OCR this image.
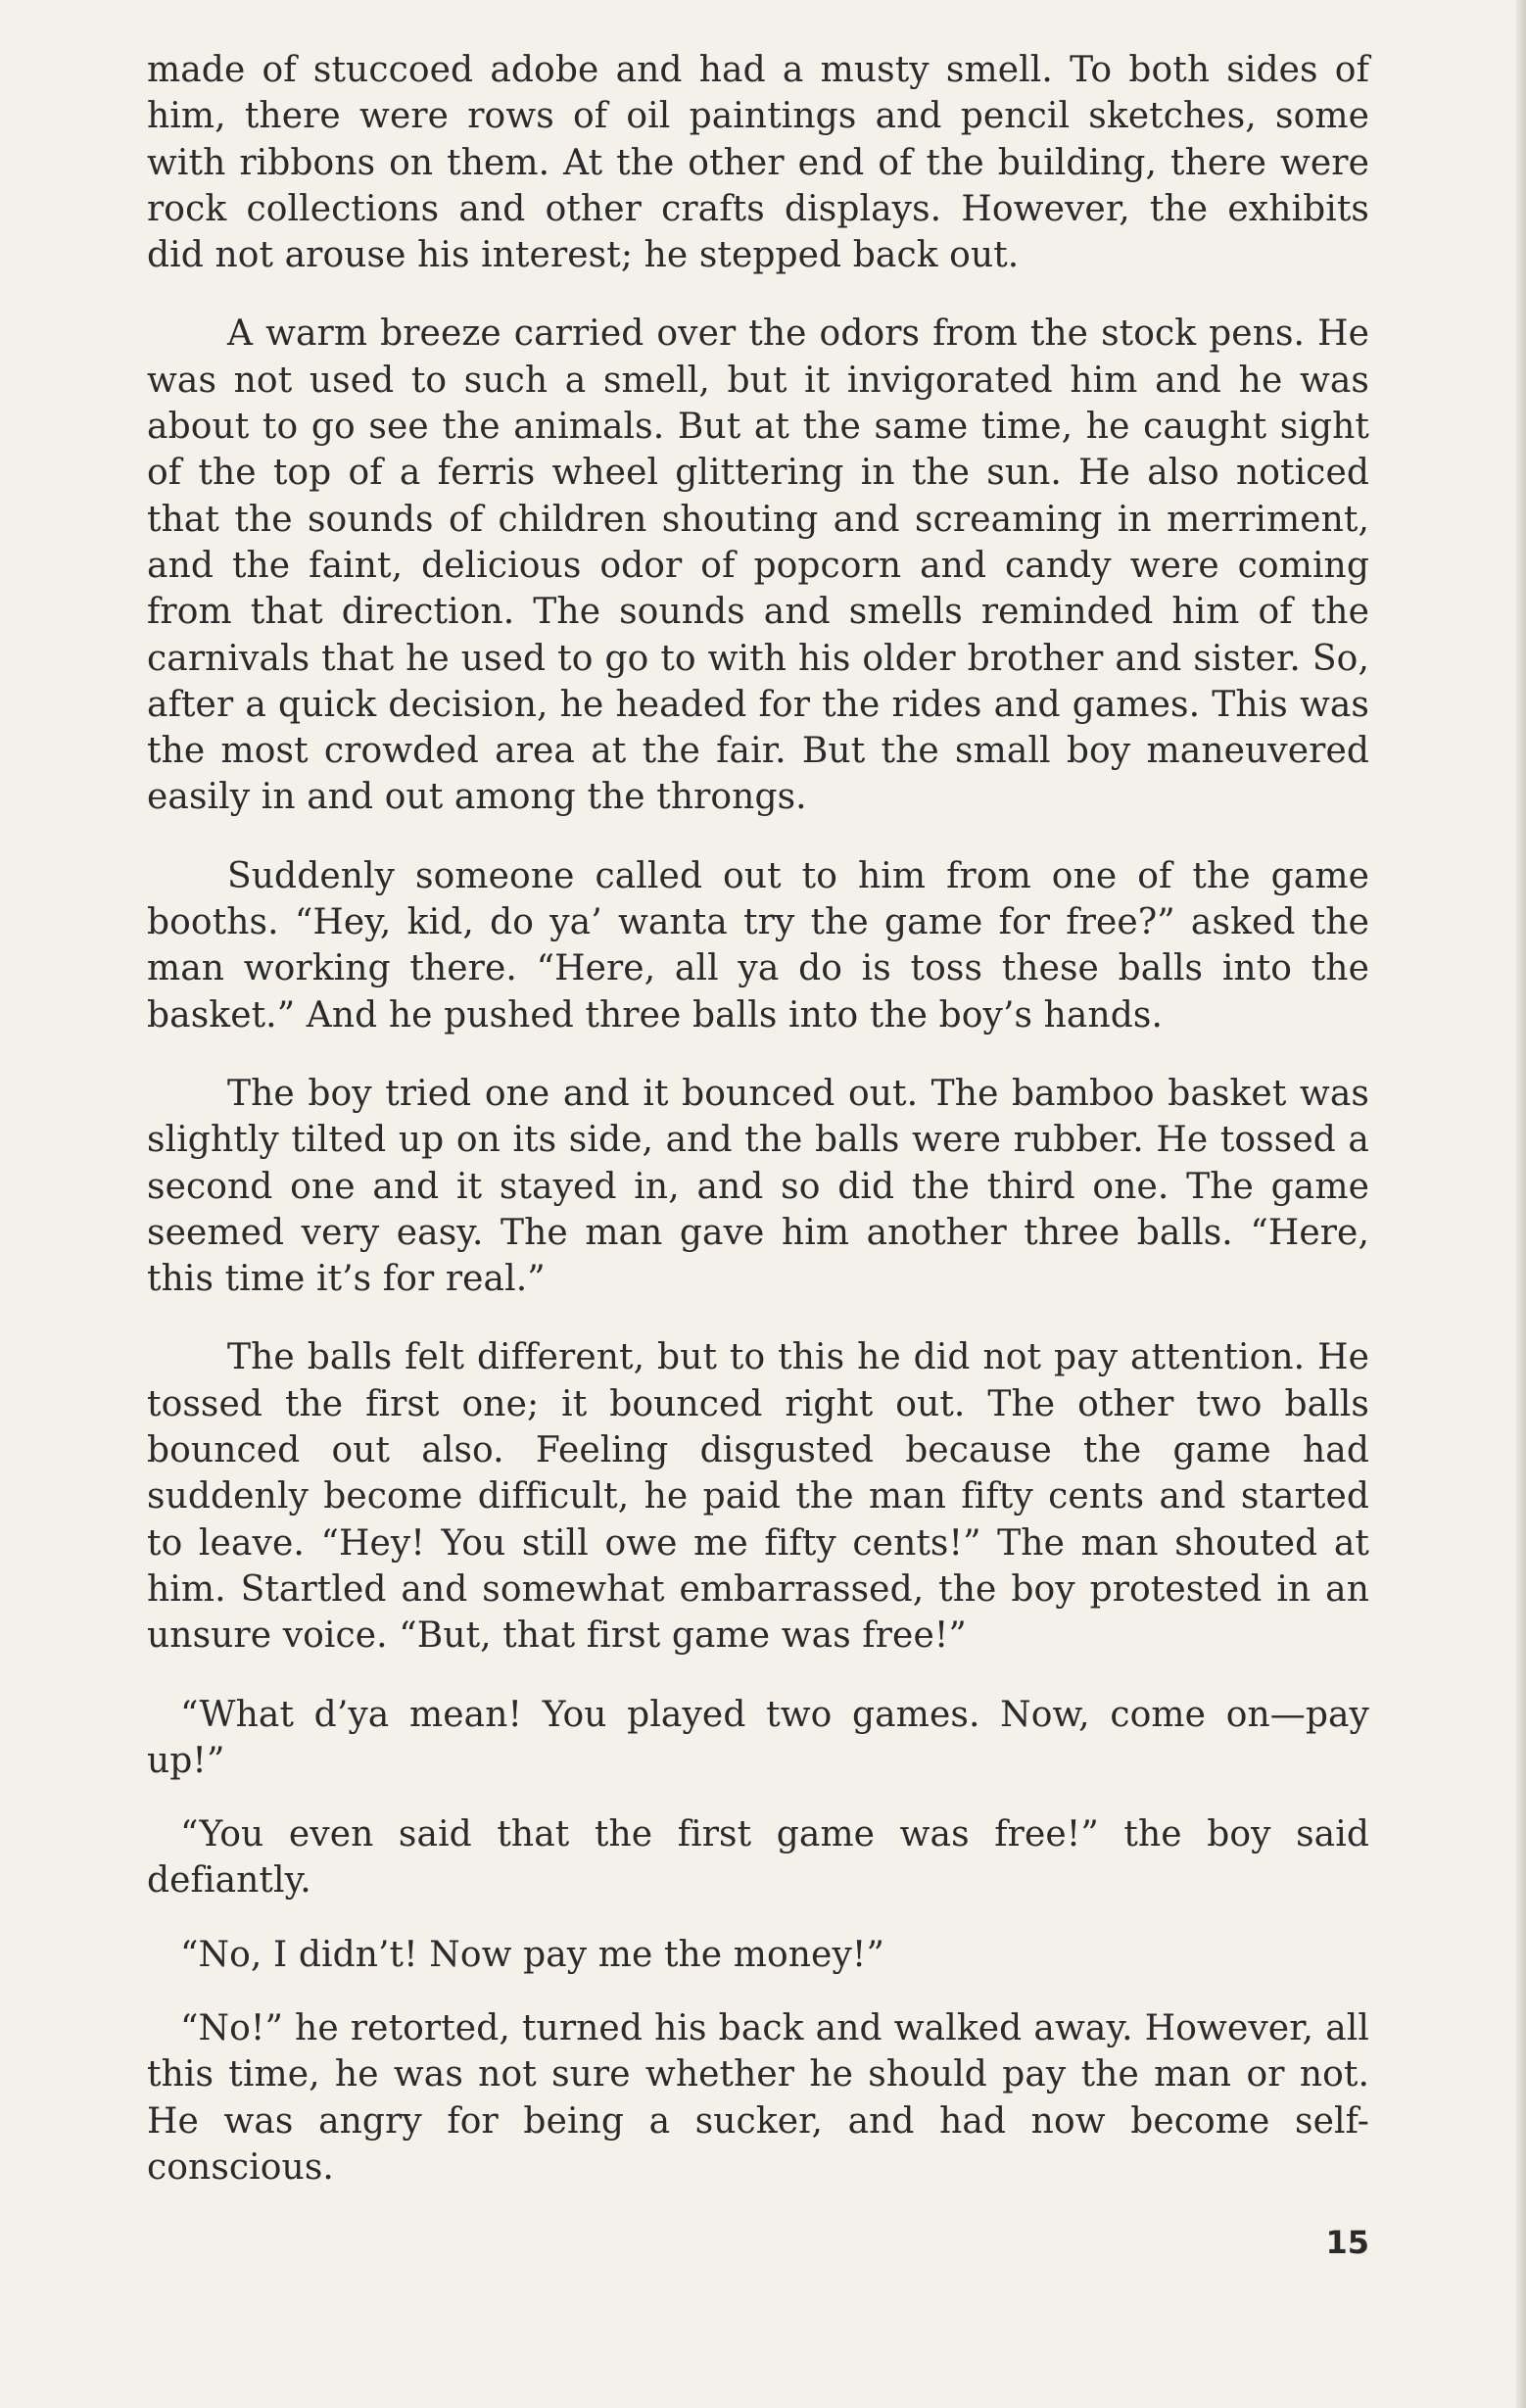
made of stuccoed adobe and had a musty smell. To both sides of him, there were rows of oil paintings and pencil sketches, some with ribbons on them. At the other end of the building, there were rock collections and other crafts displays. However, the exhibits did not arouse his interest; he stepped back out.

A warm breeze carried over the odors from the stock pens. He was not used to such a smell, but it invigorated him and he was about to go see the animals. But at the same time, he caught sight of the top of a ferris wheel glittering in the sun. He also noticed that the sounds of children shouting and screaming in merriment, and the faint, delicious odor of popcorn and candy were coming from that direction. The sounds and smells reminded him of the carnivals that he used to go to with his older brother and sister. So, after a quick decision, he headed for the rides and games. This was the most crowded area at the fair. But the small boy maneuvered easily in and out among the throngs.

Suddenly someone called out to him from one of the game booths. “Hey, kid, do ya’ wanta try the game for free?” asked the man working there. “Here, all ya do is toss these balls into the basket.” And he pushed three balls into the boy’s hands.

The boy tried one and it bounced out. The bamboo basket was slightly tilted up on its side, and the balls were rubber. He tossed a second one and it stayed in, and so did the third one. The game seemed very easy. The man gave him another three balls. “Here, this time it’s for real.”

The balls felt different, but to this he did not pay attention. He tossed the first one; it bounced right out. The other two balls bounced out also. Feeling disgusted because the game had suddenly become difficult, he paid the man fifty cents and started to leave. “Hey! You still owe me fifty cents!” The man shouted at him. Startled and somewhat embarrassed, the boy protested in an unsure voice. “But, that first game was free!”

“What d’ya mean! You played two games. Now, come on—pay up!”

“You even said that the first game was free!” the boy said defiantly.

“No, I didn’t! Now pay me the money!”

“No!” he retorted, turned his back and walked away. However, all this time, he was not sure whether he should pay the man or not. He was angry for being a sucker, and had now become self-conscious.

15
